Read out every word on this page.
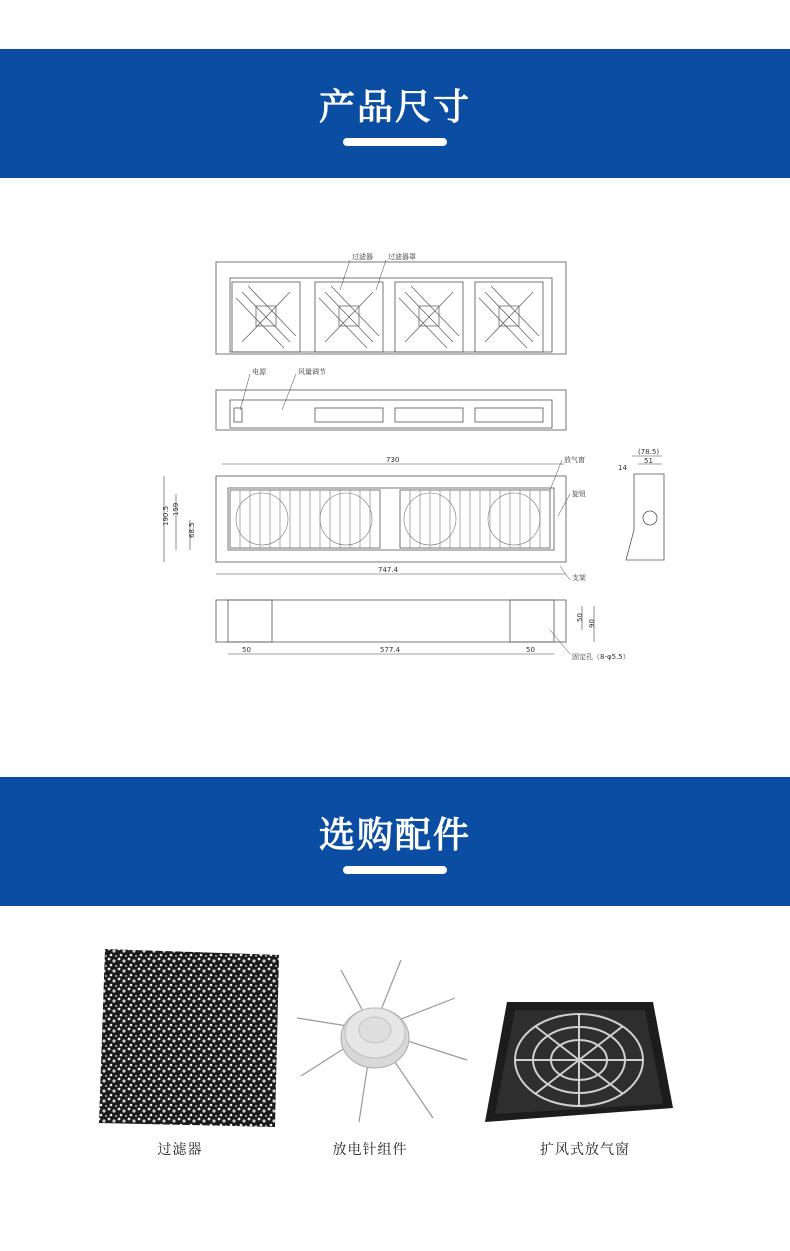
产品尺寸
过滤器 过滤器罩
电源	风量调节
放气窗
旋钮
支架
固定孔（8-φ5.5）
730
747.4
190.5 159
68.5
(78.5)
51
14
50	577.4	50
50
90
选购配件
过滤器	放电针组件	扩风式放气窗
